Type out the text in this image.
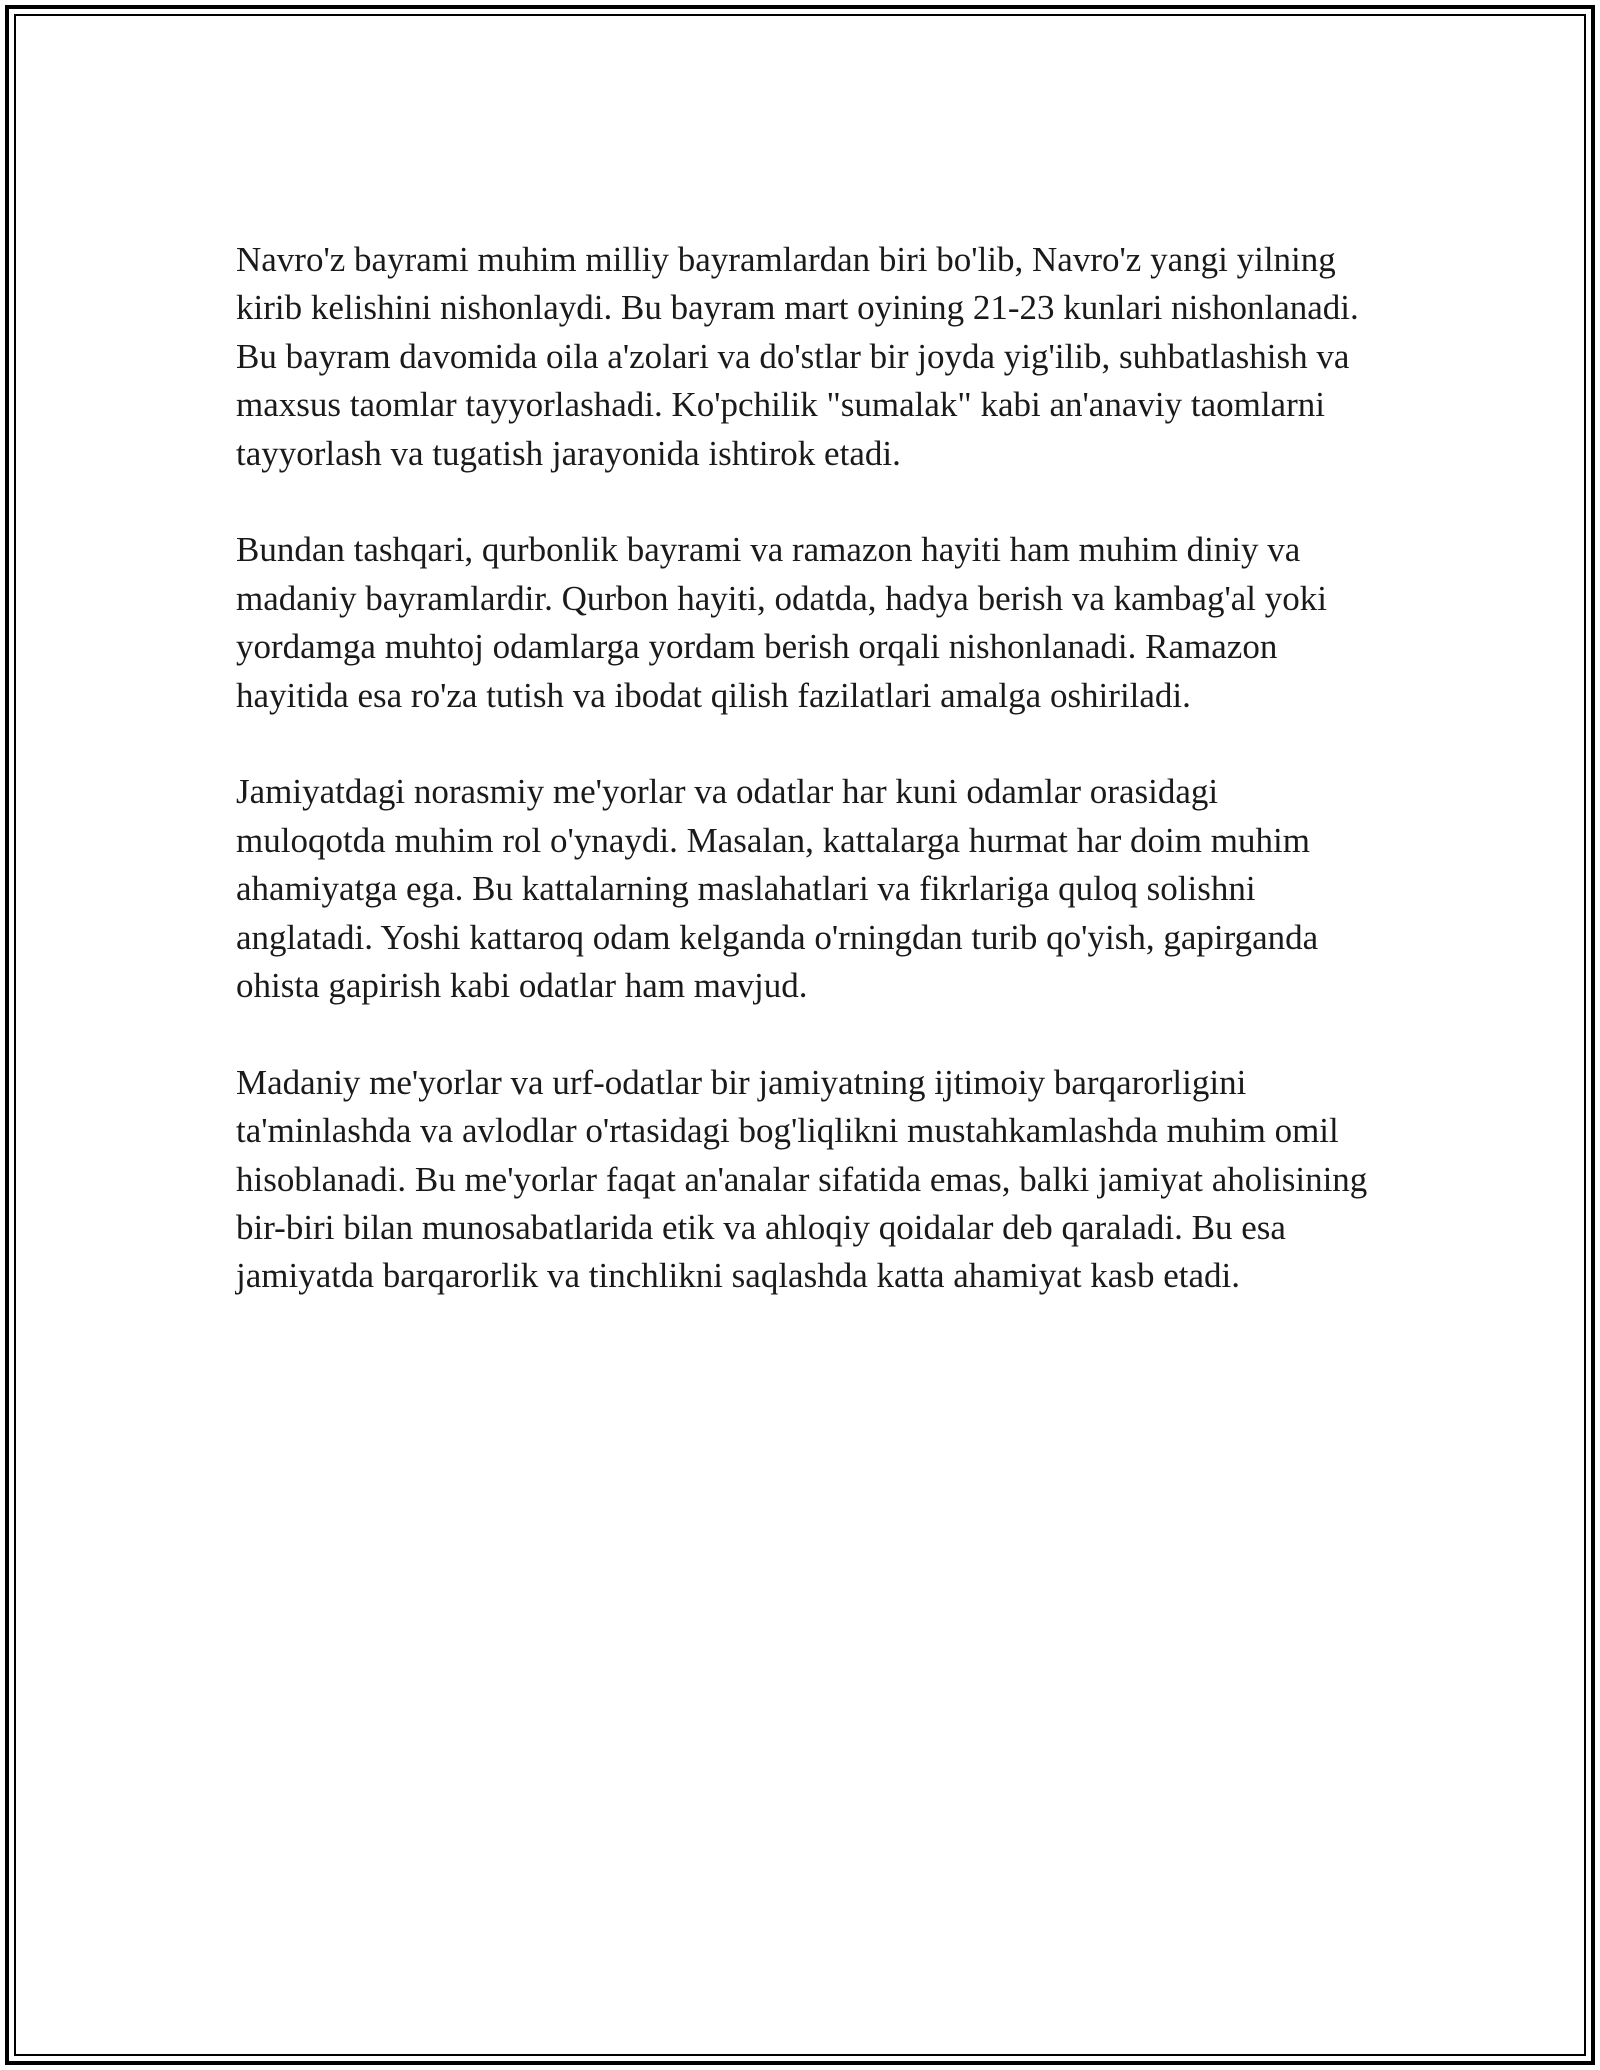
Navro'z bayrami muhim milliy bayramlardan biri bo'lib, Navro'z yangi yilning kirib kelishini nishonlaydi. Bu bayram mart oyining 21-23 kunlari nishonlanadi. Bu bayram davomida oila a'zolari va do'stlar bir joyda yig'ilib, suhbatlashish va maxsus taomlar tayyorlashadi. Ko'pchilik "sumalak" kabi an'anaviy taomlarni tayyorlash va tugatish jarayonida ishtirok etadi.

Bundan tashqari, qurbonlik bayrami va ramazon hayiti ham muhim diniy va madaniy bayramlardir. Qurbon hayiti, odatda, hadya berish va kambag'al yoki yordamga muhtoj odamlarga yordam berish orqali nishonlanadi. Ramazon hayitida esa ro'za tutish va ibodat qilish fazilatlari amalga oshiriladi.

Jamiyatdagi norasmiy me'yorlar va odatlar har kuni odamlar orasidagi muloqotda muhim rol o'ynaydi. Masalan, kattalarga hurmat har doim muhim ahamiyatga ega. Bu kattalarning maslahatlari va fikrlariga quloq solishni anglatadi. Yoshi kattaroq odam kelganda o'rningdan turib qo'yish, gapirganda ohista gapirish kabi odatlar ham mavjud.

Madaniy me'yorlar va urf-odatlar bir jamiyatning ijtimoiy barqarorligini ta'minlashda va avlodlar o'rtasidagi bog'liqlikni mustahkamlashda muhim omil hisoblanadi. Bu me'yorlar faqat an'analar sifatida emas, balki jamiyat aholisining bir-biri bilan munosabatlarida etik va ahloqiy qoidalar deb qaraladi. Bu esa jamiyatda barqarorlik va tinchlikni saqlashda katta ahamiyat kasb etadi.
